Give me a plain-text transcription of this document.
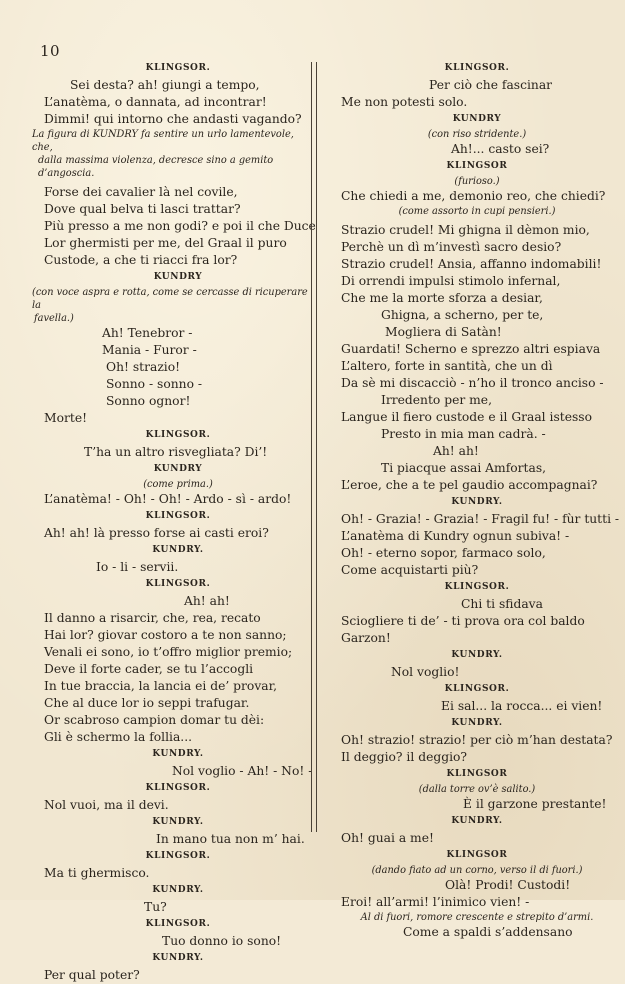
10
KLINGSOR.
Sei desta? ah! giungi a tempo,
L’anatèma, o dannata, ad incontrar!
Dimmi! qui intorno che andasti vagando?
La figura di KUNDRY fa sentire un urlo lamentevole, che,
dalla massima violenza, decresce sino a gemito d’angoscia.
Forse dei cavalier là nel covile,
Dove qual belva ti lasci trattar?
Più presso a me non godi? e poi il che Duce
Lor ghermisti per me, del Graal il puro
Custode, a che ti riacci fra lor?
KUNDRY
(con voce aspra e rotta, come se cercasse di ricuperare la
favella.)
Ah! Tenebror -
Mania - Furor -
Oh! strazio!
Sonno - sonno -
Sonno ognor!
Morte!
KLINGSOR.
T’ha un altro risvegliata? Di’!
KUNDRY
(come prima.)
L’anatèma! - Oh! - Oh! - Ardo - sì - ardo!
KLINGSOR.
Ah! ah! là presso forse ai casti eroi?
KUNDRY.
Io - li - servii.
KLINGSOR.
Ah! ah!
Il danno a risarcir, che, rea, recato
Hai lor? giovar costoro a te non sanno;
Venali ei sono, io t’offro miglior premio;
Deve il forte cader, se tu l’accogli
In tue braccia, la lancia ei de’ provar,
Che al duce lor io seppi trafugar.
Or scabroso campion domar tu dèi:
Gli è schermo la follia...
KUNDRY.
Nol voglio - Ah! - No! -
KLINGSOR.
Nol vuoi, ma il devi.
KUNDRY.
In mano tua non m’ hai.
KLINGSOR.
Ma ti ghermisco.
KUNDRY.
Tu?
KLINGSOR.
Tuo donno io sono!
KUNDRY.
Per qual poter?
KLINGSOR.
Per ciò che fascinar
Me non potesti solo.
KUNDRY
(con riso stridente.)
Ah!... casto sei?
KLINGSOR
(furioso.)
Che chiedi a me, demonio reo, che chiedi?
(come assorto in cupi pensieri.)
Strazio crudel! Mi ghigna il dèmon mio,
Perchè un dì m’investì sacro desio?
Strazio crudel! Ansia, affanno indomabili!
Di orrendi impulsi stimolo infernal,
Che me la morte sforza a desiar,
Ghigna, a scherno, per te,
Mogliera di Satàn!
Guardati! Scherno e sprezzo altri espiava
L’altero, forte in santità, che un dì
Da sè mi discacciò - n’ho il tronco anciso -
Irredento per me,
Langue il fiero custode e il Graal istesso
Presto in mia man cadrà. -
Ah! ah!
Ti piacque assai Amfortas,
L’eroe, che a te pel gaudio accompagnai?
KUNDRY.
Oh! - Grazia! - Grazia! - Fragil fu! - fùr tutti -
L’anatèma di Kundry ognun subiva! -
Oh! - eterno sopor, farmaco solo,
Come acquistarti più?
KLINGSOR.
Chi ti sfidava
Sciogliere ti de’ - ti prova ora col baldo
Garzon!
KUNDRY.
Nol voglio!
KLINGSOR.
Ei sal... la rocca... ei vien!
KUNDRY.
Oh! strazio! strazio! per ciò m’han destata?
Il deggio? il deggio?
KLINGSOR
(dalla torre ov’è salito.)
È il garzone prestante!
KUNDRY.
Oh! guai a me!
KLINGSOR
(dando fiato ad un corno, verso il di fuori.)
Olà! Prodi! Custodi!
Eroi! all’armi! l’inimico vien! -
Al di fuori, romore crescente e strepito d’armi.
Come a spaldi s’addensano
